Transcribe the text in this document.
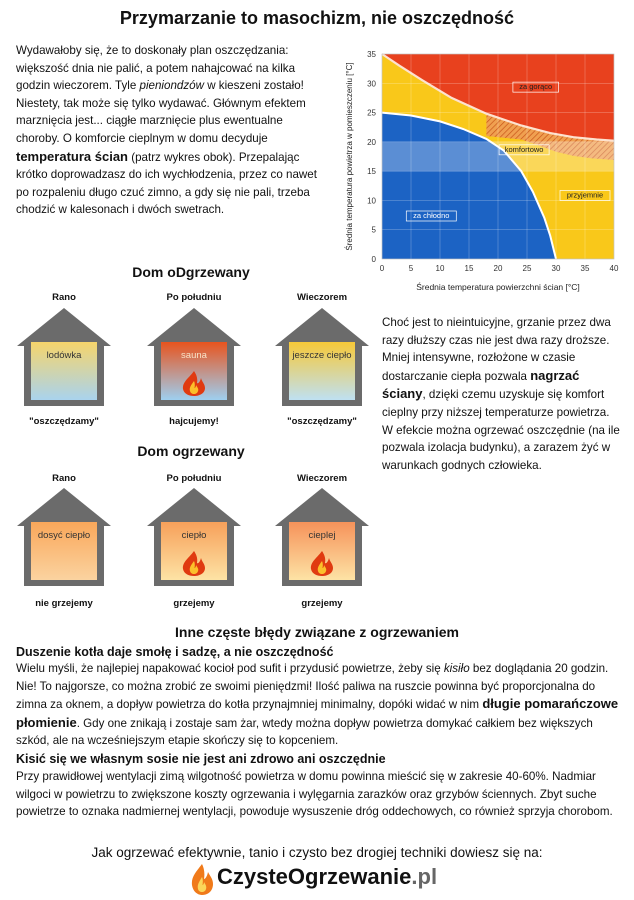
Przymarzanie to masochizm, nie oszczędność
Wydawałoby się, że to doskonały plan oszczędzania: większość dnia nie palić, a potem nahajcować na kilka godzin wieczorem. Tyle pieniondzów w kieszeni zostało! Niestety, tak może się tylko wydawać. Głównym efektem marznięcia jest... ciągłe marznięcie plus ewentualne choroby. O komforcie cieplnym w domu decyduje temperatura ścian (patrz wykres obok). Przepalając krótko doprowadzasz do ich wychłodzenia, przez co nawet po rozpaleniu długo czuć zimno, a gdy się nie pali, trzeba chodzić w kalesonach i dwóch swetrach.
0	5	10	15	20	25	30	35	40
0
5
10
15
20
25
30
35
Średnia temperatura powierzchni ścian [°C]
Średnia temperatura powietrza w pomieszczeniu [°C]	za gorąco
komfortowo
przyjemnie
za chłodno
Dom oDgrzewany
Rano
lodówka
"oszczędzamy"
Po południu
sauna
hajcujemy!
Wieczorem
jeszcze ciepło
"oszczędzamy"
Choć jest to nieintuicyjne, grzanie przez dwa razy dłuższy czas nie jest dwa razy droższe. Mniej intensywne, rozłożone w czasie dostarczanie ciepła pozwala nagrzać ściany, dzięki czemu uzyskuje się komfort cieplny przy niższej temperaturze powietrza. W efekcie można ogrzewać oszczędnie (na ile pozwala izolacja budynku), a zarazem żyć w warunkach godnych człowieka.
Dom ogrzewany
Rano
dosyć ciepło
nie grzejemy
Po południu
ciepło
grzejemy
Wieczorem
cieplej
grzejemy
Inne częste błędy związane z ogrzewaniem
Duszenie kotła daje smołę i sadzę, a nie oszczędność
Wielu myśli, że najlepiej napakować kocioł pod sufit i przydusić powietrze, żeby się kisiło bez doglądania 20 godzin. Nie! To najgorsze, co można zrobić ze swoimi pieniędzmi! Ilość paliwa na ruszcie powinna być proporcjonalna do zimna za oknem, a dopływ powietrza do kotła przynajmniej minimalny, dopóki widać w nim długie pomarańczowe płomienie. Gdy one znikają i zostaje sam żar, wtedy można dopływ powietrza domykać całkiem bez większych szkód, ale na wcześniejszym etapie skończy się to kopceniem.
Kisić się we własnym sosie nie jest ani zdrowo ani oszczędnie
Przy prawidłowej wentylacji zimą wilgotność powietrza w domu powinna mieścić się w zakresie 40-60%. Nadmiar wilgoci w powietrzu to zwiększone koszty ogrzewania i wylęgarnia zarazków oraz grzybów ściennych. Zbyt suche powietrze to oznaka nadmiernej wentylacji, powoduje wysuszenie dróg oddechowych, co również sprzyja chorobom.
Jak ogrzewać efektywnie, tanio i czysto bez drogiej techniki dowiesz się na:
CzysteOgrzewanie.pl
